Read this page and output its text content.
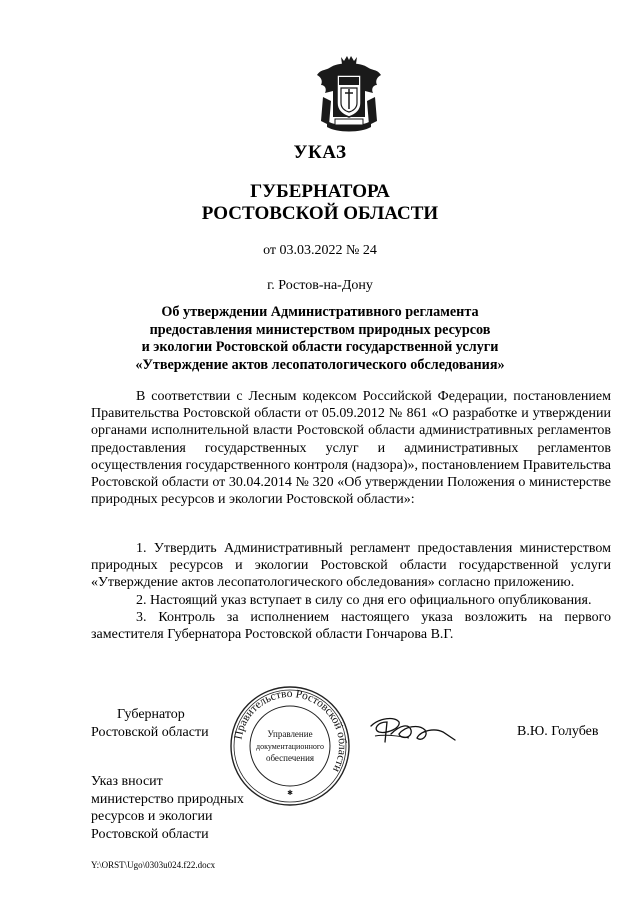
УКАЗ
ГУБЕРНАТОРА
РОСТОВСКОЙ ОБЛАСТИ
от 03.03.2022 № 24
г. Ростов-на-Дону
Об утверждении Административного регламента
предоставления министерством природных ресурсов
и экологии Ростовской области государственной услуги
«Утверждение актов лесопатологического обследования»
В соответствии с Лесным кодексом Российской Федерации, постановлением Правительства Ростовской области от 05.09.2012 № 861 «О разработке и утверждении органами исполнительной власти Ростовской области административных регламентов предоставления государственных услуг и административных регламентов осуществления государственного контроля (надзора)», постановлением Правительства Ростовской области от 30.04.2014 № 320 «Об утверждении Положения о министерстве природных ресурсов и экологии Ростовской области»:
1. Утвердить Административный регламент предоставления министерством природных ресурсов и экологии Ростовской области государственной услуги «Утверждение актов лесопатологического обследования» согласно приложению.
2. Настоящий указ вступает в силу со дня его официального опубликования.
3. Контроль за исполнением настоящего указа возложить на первого заместителя Губернатора Ростовской области Гончарова В.Г.
Губернатор
Ростовской области Правительство Ростовской области
Управление
документационного
обеспечения
✱
В.Ю. Голубев
Указ вносит
министерство природных
ресурсов и экологии
Ростовской области
Y:\ORST\Ugo\0303u024.f22.docx
